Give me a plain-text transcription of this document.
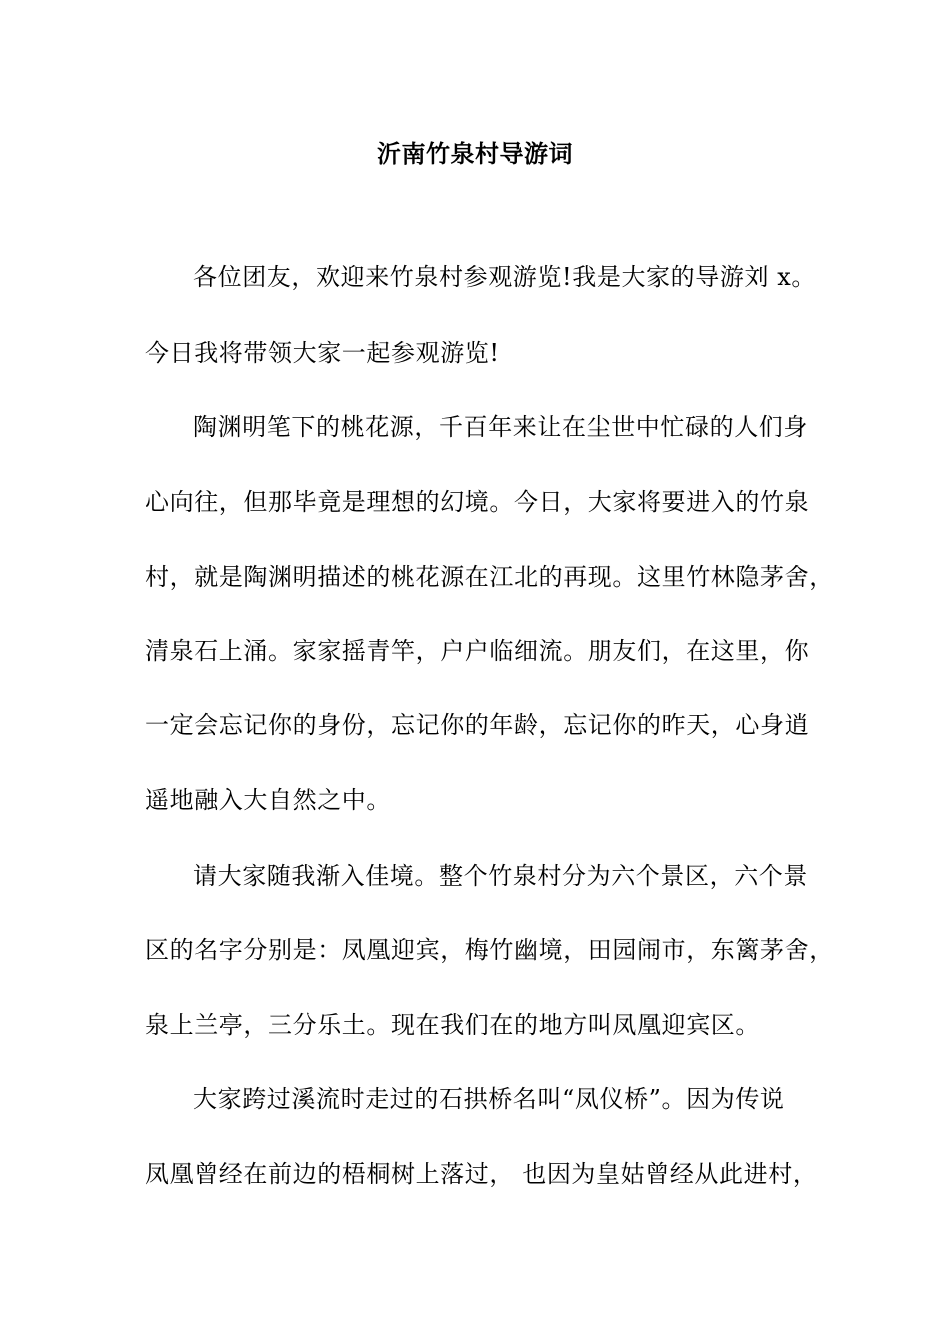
沂南竹泉村导游词
各位团友，欢迎来竹泉村参观游览!我是大家的导游刘 x。
今日我将带领大家一起参观游览!
陶渊明笔下的桃花源，千百年来让在尘世中忙碌的人们身
心向往，但那毕竟是理想的幻境。今日，大家将要进入的竹泉
村，就是陶渊明描述的桃花源在江北的再现。这里竹林隐茅舍，
清泉石上涌。家家摇青竿，户户临细流。朋友们，在这里，你
一定会忘记你的身份，忘记你的年龄，忘记你的昨天，心身逍
遥地融入大自然之中。
请大家随我渐入佳境。整个竹泉村分为六个景区，六个景
区的名字分别是：凤凰迎宾，梅竹幽境，田园闹市，东篱茅舍，
泉上兰亭，三分乐土。现在我们在的地方叫凤凰迎宾区。
大家跨过溪流时走过的石拱桥名叫“凤仪桥”。因为传说
凤凰曾经在前边的梧桐树上落过， 也因为皇姑曾经从此进村，
